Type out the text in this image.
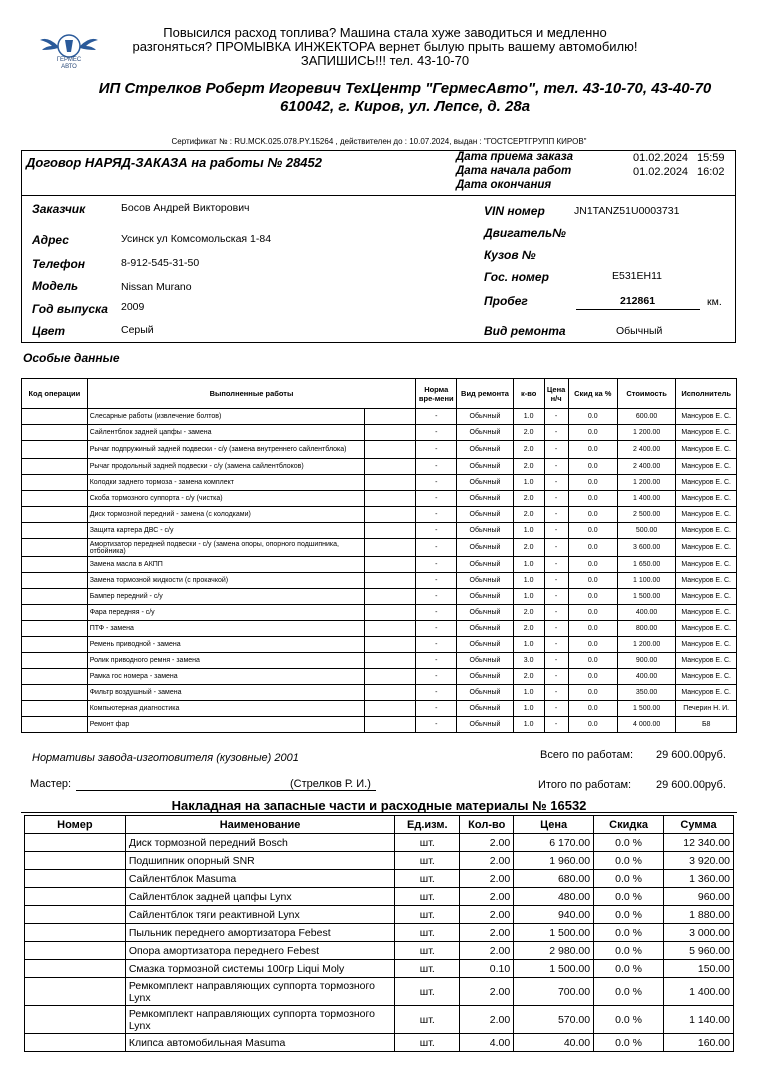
ГЕРМЕС
АВТО
Повысился расход топлива? Машина стала хуже заводиться и медленно
разгоняться? ПРОМЫВКА ИНЖЕКТОРА вернет былую прыть вашему автомобилю!
ЗАПИШИСЬ!!! тел. 43-10-70
ИП Стрелков Роберт Игоревич ТехЦентр "ГермесАвто", тел. 43-10-70, 43-40-70
610042, г. Киров, ул. Лепсе, д. 28а
Сертификат № : RU.MCK.025.078.PY.15264 , действителен до : 10.07.2024, выдан : "ГОСТСЕРТГРУПП КИРОВ"
Договор НАРЯД-ЗАКАЗА на работы № 28452	Дата приема заказа	01.02.2024 15:59
Дата начала работ	01.02.2024 16:02
Дата окончания
Заказчик	Босов Андрей Викторович
Адрес	Усинск ул Комсомольская 1-84
Телефон	8-912-545-31-50
Модель	Nissan Murano
Год выпуска 2009
Цвет	Серый
VIN номер	JN1TANZ51U0003731
Двигатель№
Кузов №
Гос. номер	Е531ЕН11
Пробег	212861	км.
Вид ремонта	Обычный
Особые данные
Код операции	Выполненные работы		Норма вре-мени	Вид ремонта	к-во	Цена н/ч	Скид ка %	Стоимость	Исполнитель
	Слесарные работы (извлечение болтов)		-	Обычный	1.0	-	0.0	600.00	Мансуров Е. С.
	Сайлентблок задней цапфы - замена		-	Обычный	2.0	-	0.0	1 200.00	Мансуров Е. С.
	Рычаг подпружиный задней подвески - с/у (замена внутреннего сайлентблока)		-	Обычный	2.0	-	0.0	2 400.00	Мансуров Е. С.
	Рычаг продольный задней подвески - с/у (замена сайлентблоков)		-	Обычный	2.0	-	0.0	2 400.00	Мансуров Е. С.
	Колодки заднего тормоза - замена комплект		-	Обычный	1.0	-	0.0	1 200.00	Мансуров Е. С.
	Скоба тормозного суппорта - с/у (чистка)		-	Обычный	2.0	-	0.0	1 400.00	Мансуров Е. С.
	Диск тормозной передний - замена (с колодками)		-	Обычный	2.0	-	0.0	2 500.00	Мансуров Е. С.
	Защита картера ДВС - с/у		-	Обычный	1.0	-	0.0	500.00	Мансуров Е. С.
	Амортизатор передней подвески - с/у (замена опоры, опорного подшипника, отбойника)		-	Обычный	2.0	-	0.0	3 600.00	Мансуров Е. С.
	Замена масла в АКПП		-	Обычный	1.0	-	0.0	1 650.00	Мансуров Е. С.
	Замена тормозной жидкости (с прокачкой)		-	Обычный	1.0	-	0.0	1 100.00	Мансуров Е. С.
	Бампер передний - с/у		-	Обычный	1.0	-	0.0	1 500.00	Мансуров Е. С.
	Фара передняя - с/у		-	Обычный	2.0	-	0.0	400.00	Мансуров Е. С.
	ПТФ - замена		-	Обычный	2.0	-	0.0	800.00	Мансуров Е. С.
	Ремень приводной - замена		-	Обычный	1.0	-	0.0	1 200.00	Мансуров Е. С.
	Ролик приводного ремня - замена		-	Обычный	3.0	-	0.0	900.00	Мансуров Е. С.
	Рамка гос номера - замена		-	Обычный	2.0	-	0.0	400.00	Мансуров Е. С.
	Фильтр воздушный - замена		-	Обычный	1.0	-	0.0	350.00	Мансуров Е. С.
	Компьютерная диагностика		-	Обычный	1.0	-	0.0	1 500.00	Печерин Н. И.
	Ремонт фар		-	Обычный	1.0	-	0.0	4 000.00	Б8
Нормативы завода-изготовителя (кузовные) 2001	Всего по работам: 29 600.00руб.
Мастер:	(Стрелков Р. И.)	Итого по работам: 29 600.00руб.
Накладная на запасные части и расходные материалы № 16532
Номер	Наименование	Ед.изм.	Кол-во	Цена	Скидка	Сумма
	Диск тормозной передний Bosch	шт.	2.00	6 170.00	0.0 %	12 340.00
	Подшипник опорный SNR	шт.	2.00	1 960.00	0.0 %	3 920.00
	Сайлентблок Masuma	шт.	2.00	680.00	0.0 %	1 360.00
	Сайлентблок задней цапфы Lynx	шт.	2.00	480.00	0.0 %	960.00
	Сайлентблок тяги реактивной Lynx	шт.	2.00	940.00	0.0 %	1 880.00
	Пыльник переднего амортизатора Febest	шт.	2.00	1 500.00	0.0 %	3 000.00
	Опора амортизатора переднего Febest	шт.	2.00	2 980.00	0.0 %	5 960.00
	Смазка тормозной системы 100гр Liqui Moly	шт.	0.10	1 500.00	0.0 %	150.00
	Ремкомплект направляющих суппорта тормозного Lynx	шт.	2.00	700.00	0.0 %	1 400.00
	Ремкомплект направляющих суппорта тормозного Lynx	шт.	2.00	570.00	0.0 %	1 140.00
	Клипса автомобильная Masuma	шт.	4.00	40.00	0.0 %	160.00
